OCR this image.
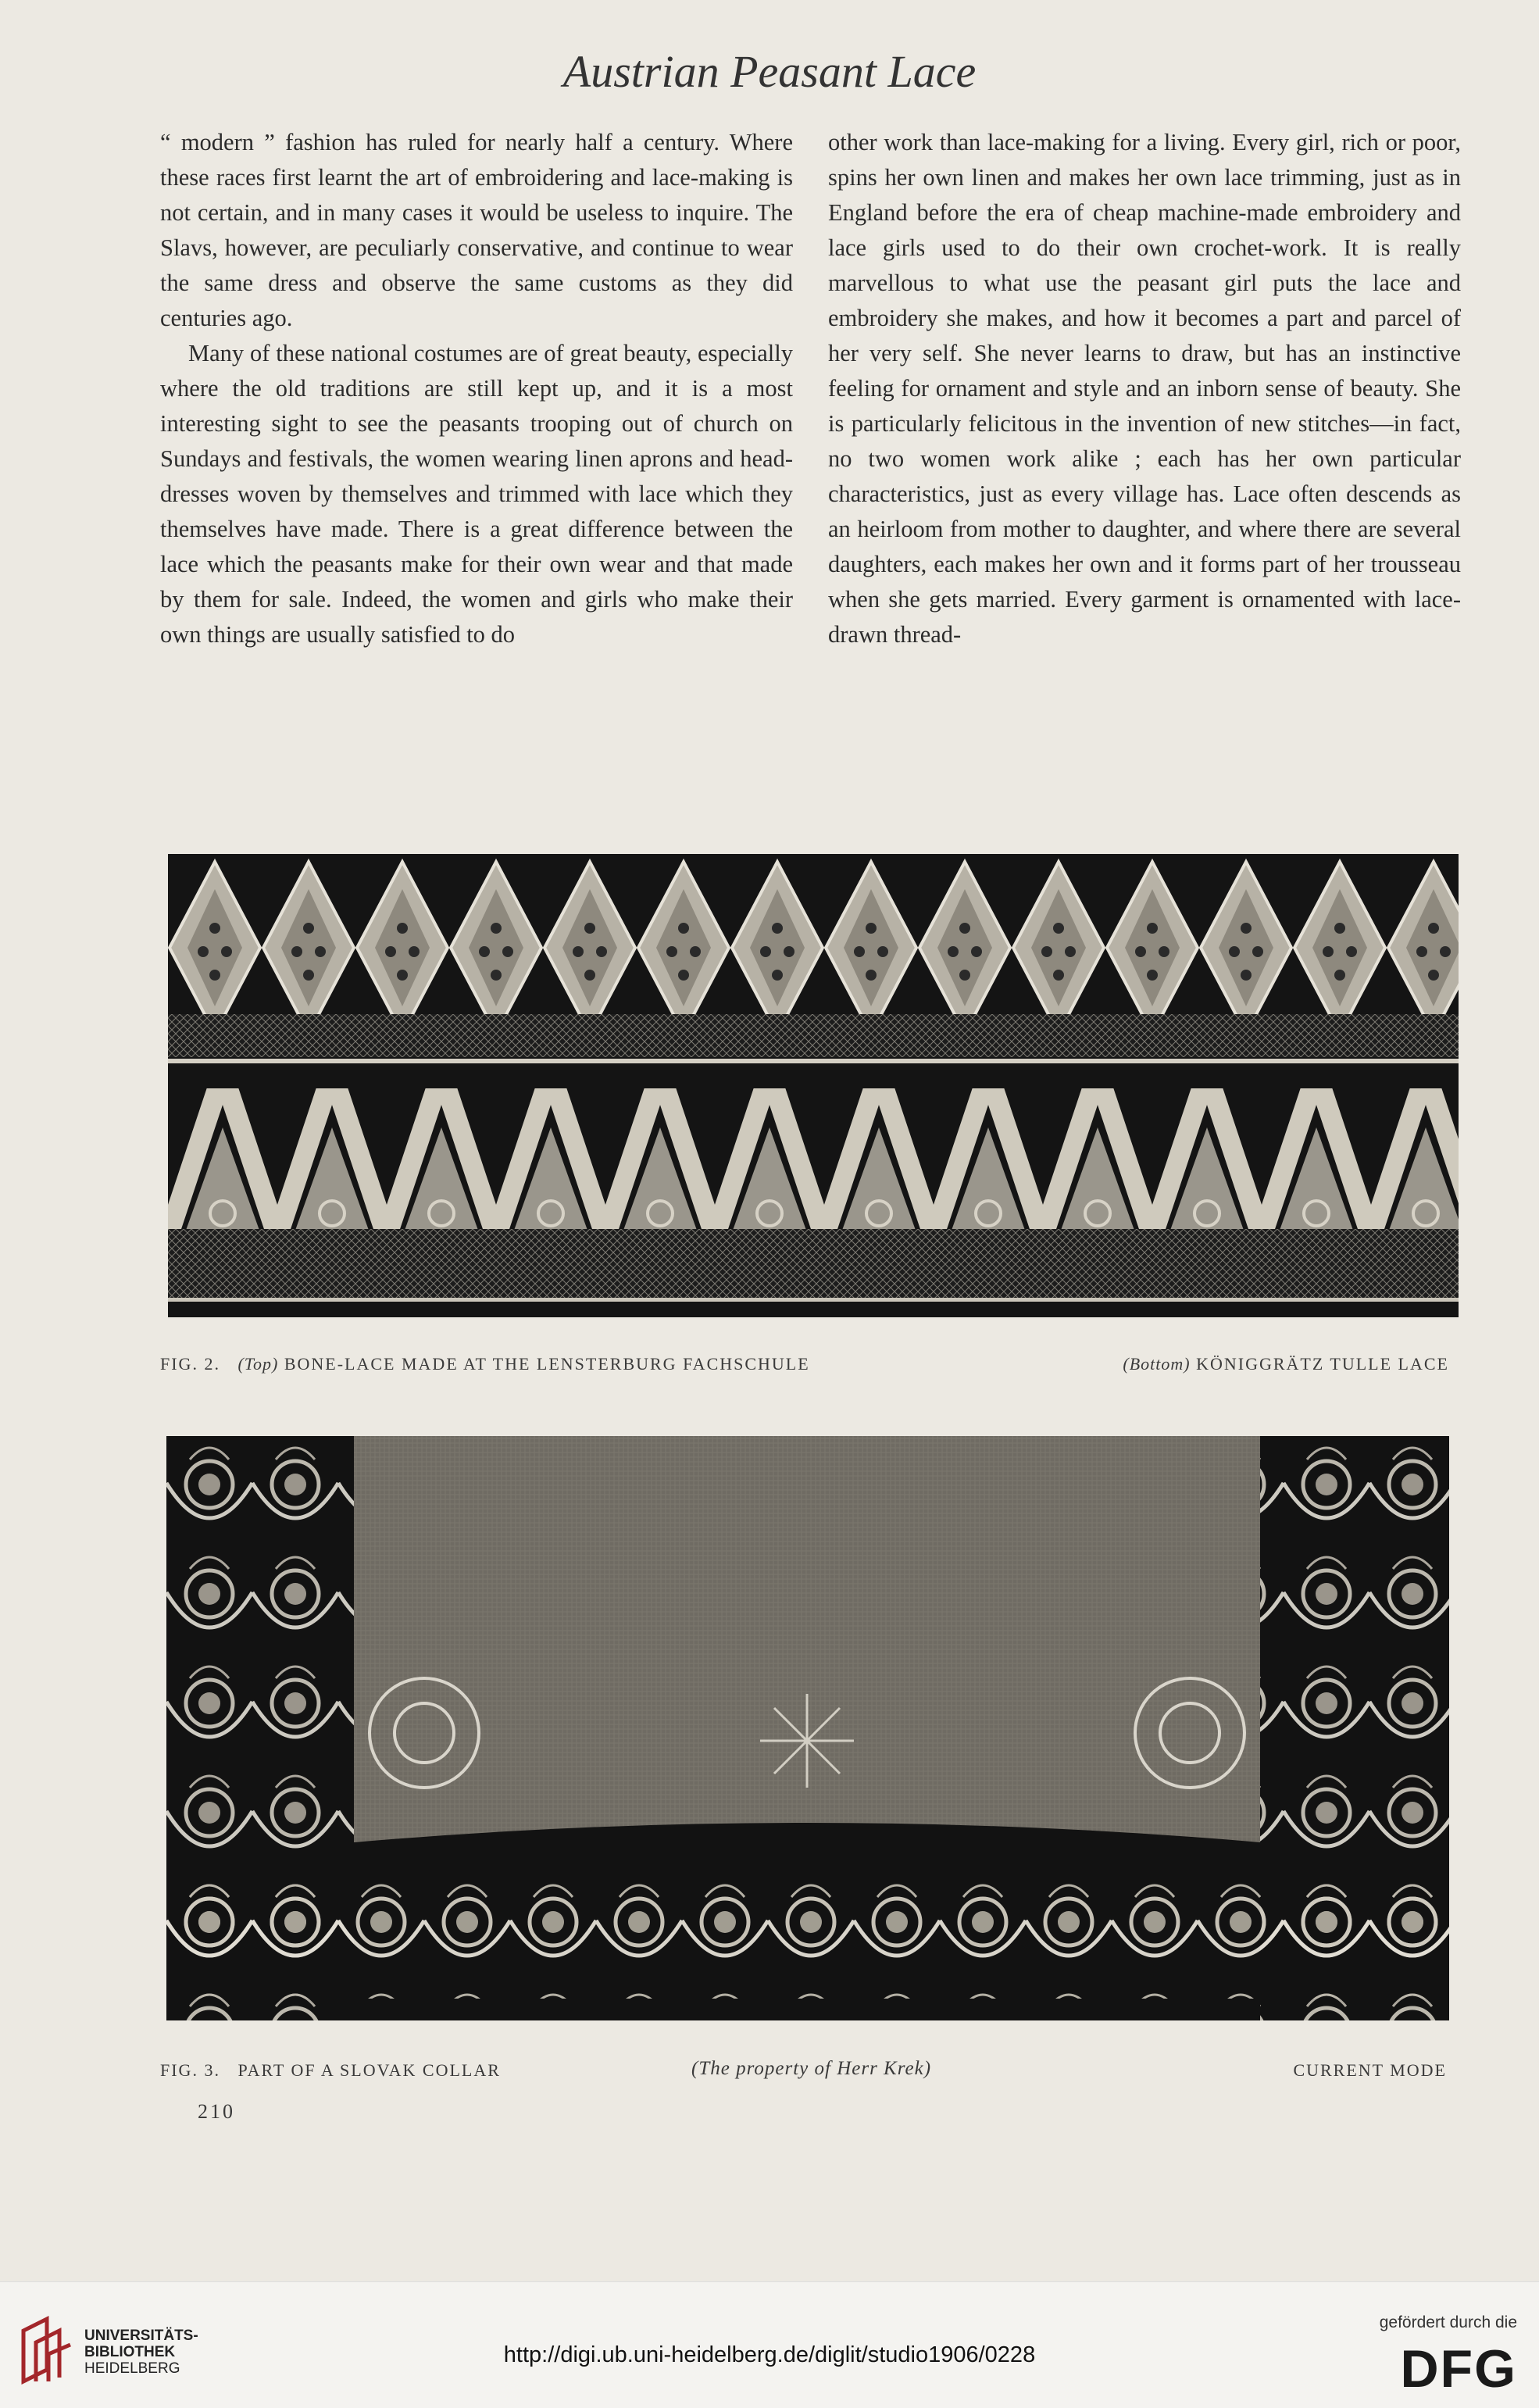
Austrian Peasant Lace

“ modern ” fashion has ruled for nearly half a century. Where these races first learnt the art of embroidering and lace-making is not certain, and in many cases it would be useless to inquire. The Slavs, however, are peculiarly conservative, and continue to wear the same dress and observe the same customs as they did centuries ago.

Many of these national costumes are of great beauty, especially where the old traditions are still kept up, and it is a most interesting sight to see the peasants trooping out of church on Sundays and festivals, the women wearing linen aprons and head-dresses woven by themselves and trimmed with lace which they themselves have made. There is a great difference between the lace which the peasants make for their own wear and that made by them for sale. Indeed, the women and girls who make their own things are usually satisfied to do

other work than lace-making for a living. Every girl, rich or poor, spins her own linen and makes her own lace trimming, just as in England before the era of cheap machine-made embroidery and lace girls used to do their own crochet-work. It is really marvellous to what use the peasant girl puts the lace and embroidery she makes, and how it becomes a part and parcel of her very self. She never learns to draw, but has an instinctive feeling for ornament and style and an inborn sense of beauty. She is particularly felicitous in the invention of new stitches—in fact, no two women work alike ; each has her own particular characteristics, just as every village has. Lace often descends as an heirloom from mother to daughter, and where there are several daughters, each makes her own and it forms part of her trousseau when she gets married. Every garment is ornamented with lace-drawn thread-

FIG. 2. (Top) BONE-LACE MADE AT THE LENSTERBURG FACHSCHULE	(Bottom) KÖNIGGRÄTZ TULLE LACE
FIG. 3. PART OF A SLOVAK COLLAR	(The property of Herr Krek)	CURRENT MODE
210
UNIVERSITÄTS-
BIBLIOTHEK
HEIDELBERG
http://digi.ub.uni-heidelberg.de/diglit/studio1906/0228
gefördert durch die
DFG
